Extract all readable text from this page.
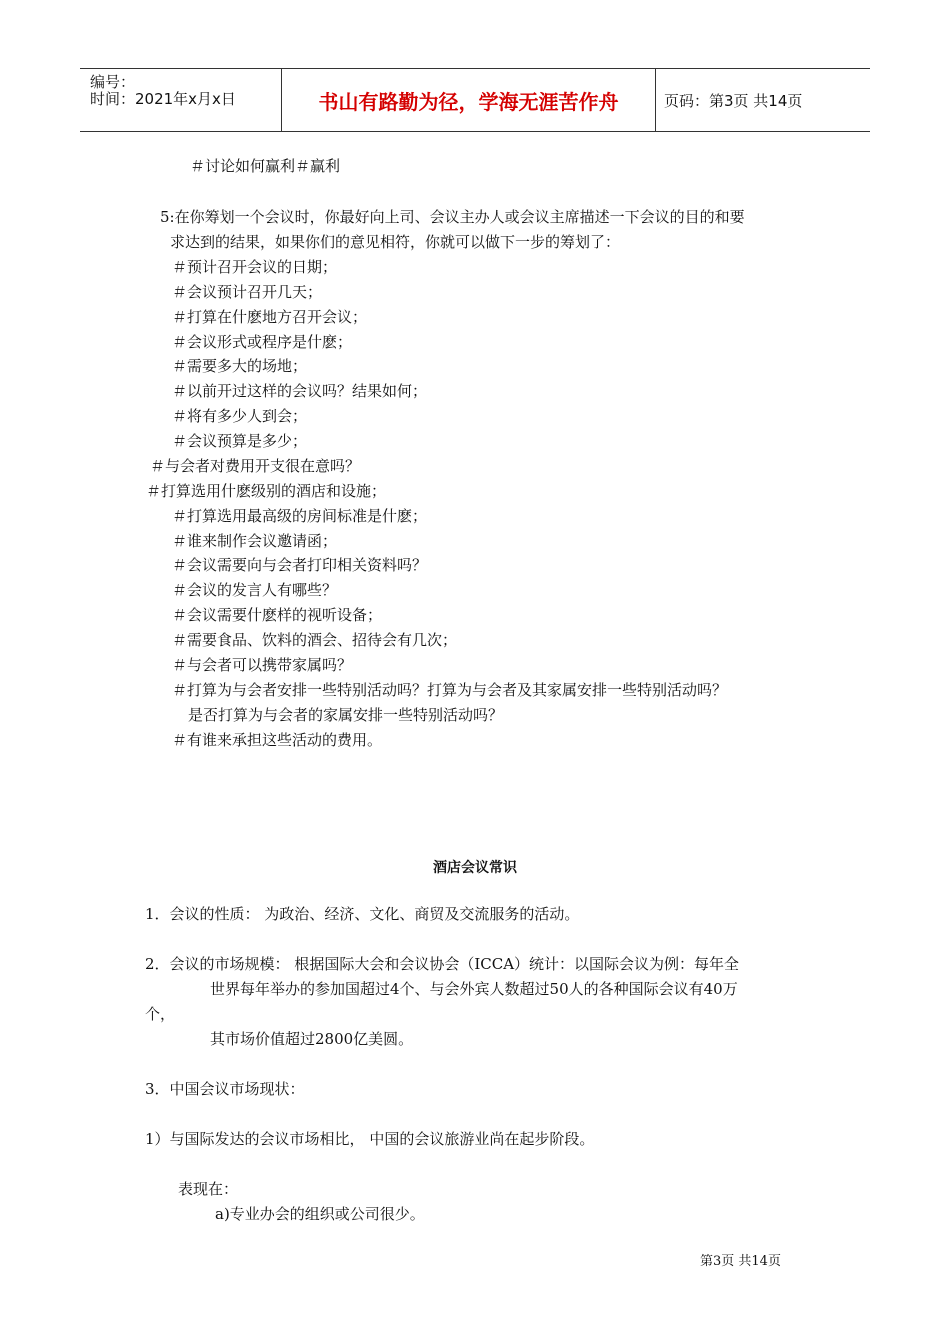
编号：
时间：2021年x月x日	书山有路勤为径，学海无涯苦作舟	页码：第3页 共14页
＃讨论如何赢利＃赢利
5:在你筹划一个会议时，你最好向上司、会议主办人或会议主席描述一下会议的目的和要
求达到的结果，如果你们的意见相符，你就可以做下一步的筹划了：
＃预计召开会议的日期；
＃会议预计召开几天；
＃打算在什麽地方召开会议；
＃会议形式或程序是什麽；
＃需要多大的场地；
＃以前开过这样的会议吗？结果如何；
＃将有多少人到会；
＃会议预算是多少；
＃与会者对费用开支很在意吗？
＃打算选用什麽级别的酒店和设施；
＃打算选用最高级的房间标准是什麽；
＃谁来制作会议邀请函；
＃会议需要向与会者打印相关资料吗？
＃会议的发言人有哪些？
＃会议需要什麽样的视听设备；
＃需要食品、饮料的酒会、招待会有几次；
＃与会者可以携带家属吗？
＃打算为与会者安排一些特别活动吗？打算为与会者及其家属安排一些特别活动吗？
是否打算为与会者的家属安排一些特别活动吗？
＃有谁来承担这些活动的费用。
酒店会议常识
1．会议的性质： 为政治、经济、文化、商贸及交流服务的活动。
2．会议的市场规模： 根据国际大会和会议协会（ICCA）统计：以国际会议为例：每年全
世界每年举办的参加国超过4个、与会外宾人数超过50人的各种国际会议有40万
个，
其市场价值超过2800亿美圆。
3．中国会议市场现状：
1）与国际发达的会议市场相比， 中国的会议旅游业尚在起步阶段。
表现在：
a)专业办会的组织或公司很少。
第3页 共14页
